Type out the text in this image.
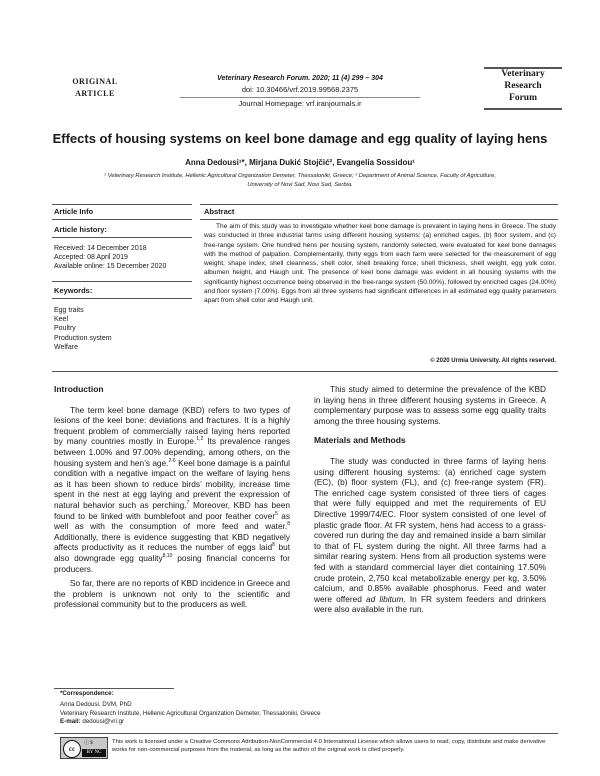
ORIGINAL
ARTICLE
Veterinary Research Forum. 2020; 11 (4) 299 – 304
doi: 10.30466/vrf.2019.99568.2375
Journal Homepage: vrf.iranjournals.ir
Veterinary
Research
Forum
Effects of housing systems on keel bone damage and egg quality of laying hens
Anna Dedousi¹*, Mirjana Dukić Stojčić², Evangelia Sossidou¹
¹ Veterinary Research Institute, Hellenic Agricultural Organization Demeter, Thessaloniki, Greece; ² Department of Animal Science, Faculty of Agriculture,
University of Novi Sad, Novi Sad, Serbia.
Article Info
Article history:
Received: 14 December 2018
Accepted: 08 April 2019
Available online: 15 December 2020
Keywords:
Egg traits
Keel
Poultry
Production system
Welfare
Abstract
The aim of this study was to investigate whether keel bone damage is prevalent in laying hens in Greece. The study was conducted in three industrial farms using different housing systems: (a) enriched cages, (b) floor system, and (c) free-range system. One hundred hens per housing system, randomly selected, were evaluated for keel bone damages with the method of palpation. Complementarily, thirty eggs from each farm were selected for the measurement of egg weight, shape index, shell cleanness, shell color, shell breaking force, shell thickness, shell weight, egg yolk color, albumen height, and Haugh unit. The presence of keel bone damage was evident in all housing systems with the significantly highest occurrence being observed in the free-range system (50.00%), followed by enriched cages (24.00%) and floor system (7.00%). Eggs from all three systems had significant differences in all estimated egg quality parameters apart from shell color and Haugh unit.
© 2020 Urmia University. All rights reserved.
Introduction

The term keel bone damage (KBD) refers to two types of lesions of the keel bone: deviations and fractures. It is a highly frequent problem of commercially raised laying hens reported by many countries mostly in Europe.$^{1,2}$ Its prevalence ranges between 1.00% and 97.00% depending, among others, on the housing system and hen’s age.$^{2-6}$ Keel bone damage is a painful condition with a negative impact on the welfare of laying hens as it has been shown to reduce birds’ mobility, increase time spent in the nest at egg laying and prevent the expression of natural behavior such as perching.$^7$ Moreover, KBD has been found to be linked with bumblefoot and poor feather cover$^5$ as well as with the consumption of more feed and water.$^8$ Additionally, there is evidence suggesting that KBD negatively affects productivity as it reduces the number of eggs laid$^8$ but also downgrade egg quality$^{8,10}$ posing financial concerns for producers.

So far, there are no reports of KBD incidence in Greece and the problem is unknown not only to the scientific and professional community but to the producers as well.

This study aimed to determine the prevalence of the KBD in laying hens in three different housing systems in Greece. A complementary purpose was to assess some egg quality traits among the three housing systems.

Materials and Methods

The study was conducted in three farms of laying hens using different housing systems: (a) enriched cage system (EC), (b) floor system (FL), and (c) free-range system (FR). The enriched cage system consisted of three tiers of cages that were fully equipped and met the requirements of EU Directive 1999/74/EC. Floor system consisted of one level of plastic grade floor. At FR system, hens had access to a grass-covered run during the day and remained inside a barn similar to that of FL system during the night. All three farms had a similar rearing system. Hens from all production systems were fed with a standard commercial layer diet containing 17.50% crude protein, 2,750 kcal metabolizable energy per kg, 3.50% calcium, and 0.85% available phosphorus. Feed and water were offered ad libitum. In FR system feeders and drinkers were also available in the run.

*Correspondence:
Anna Dedousi. DVM, PhD
Veterinary Research Institute, Hellenic Agricultural Organization Demeter, Thessaloniki, Greece
E-mail: dedousi@vri.gr
cc
ⓘ $
BY NC
This work is licensed under a Creative Commons Attribution-NonCommercial 4.0 International License which allows users to read, copy, distribute and make derivative works for non-commercial purposes from the material, as long as the author of the original work is cited properly.
